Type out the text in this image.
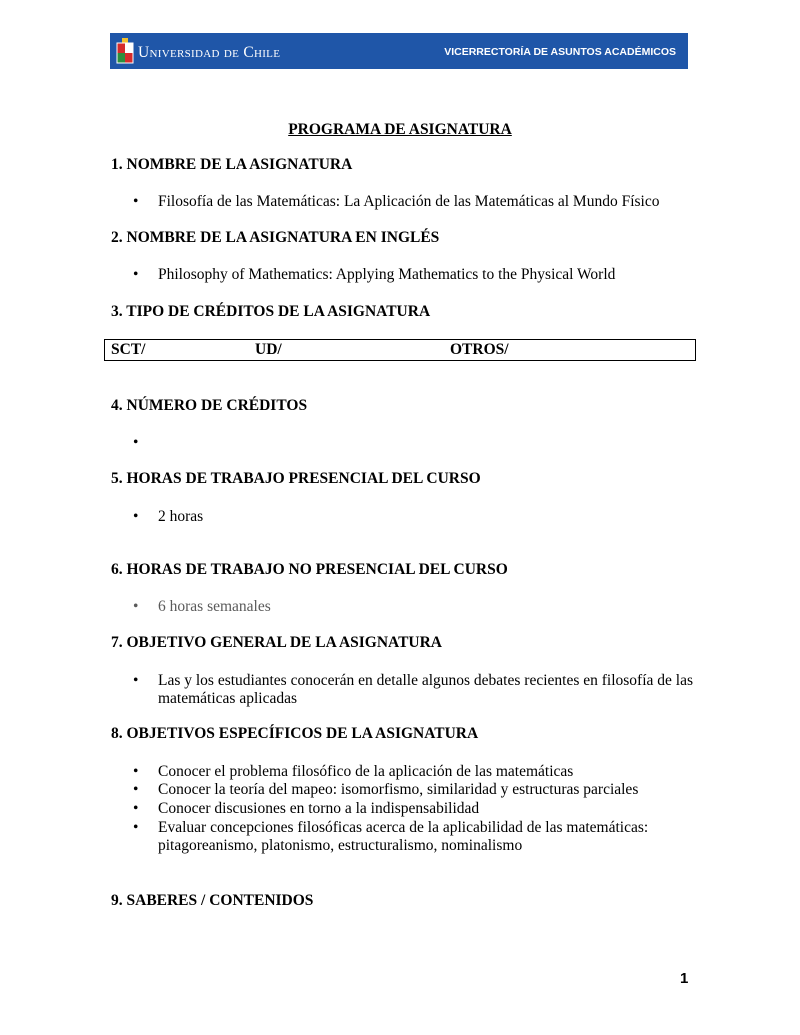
Universidad de Chile	VICERRECTORÍA DE ASUNTOS ACADÉMICOS
PROGRAMA DE ASIGNATURA
1. NOMBRE DE LA ASIGNATURA
• Filosofía de las Matemáticas: La Aplicación de las Matemáticas al Mundo Físico
2. NOMBRE DE LA ASIGNATURA EN INGLÉS
• Philosophy of Mathematics: Applying Mathematics to the Physical World
3. TIPO DE CRÉDITOS DE LA ASIGNATURA
SCT/	UD/	OTROS/
4. NÚMERO DE CRÉDITOS
•
5. HORAS DE TRABAJO PRESENCIAL DEL CURSO
• 2 horas
6. HORAS DE TRABAJO NO PRESENCIAL DEL CURSO
• 6 horas semanales
7. OBJETIVO GENERAL DE LA ASIGNATURA
• Las y los estudiantes conocerán en detalle algunos debates recientes en filosofía de las matemáticas aplicadas
8. OBJETIVOS ESPECÍFICOS DE LA ASIGNATURA
• Conocer el problema filosófico de la aplicación de las matemáticas
• Conocer la teoría del mapeo: isomorfismo, similaridad y estructuras parciales
• Conocer discusiones en torno a la indispensabilidad
• Evaluar concepciones filosóficas acerca de la aplicabilidad de las matemáticas: pitagoreanismo, platonismo, estructuralismo, nominalismo
9. SABERES / CONTENIDOS
1
